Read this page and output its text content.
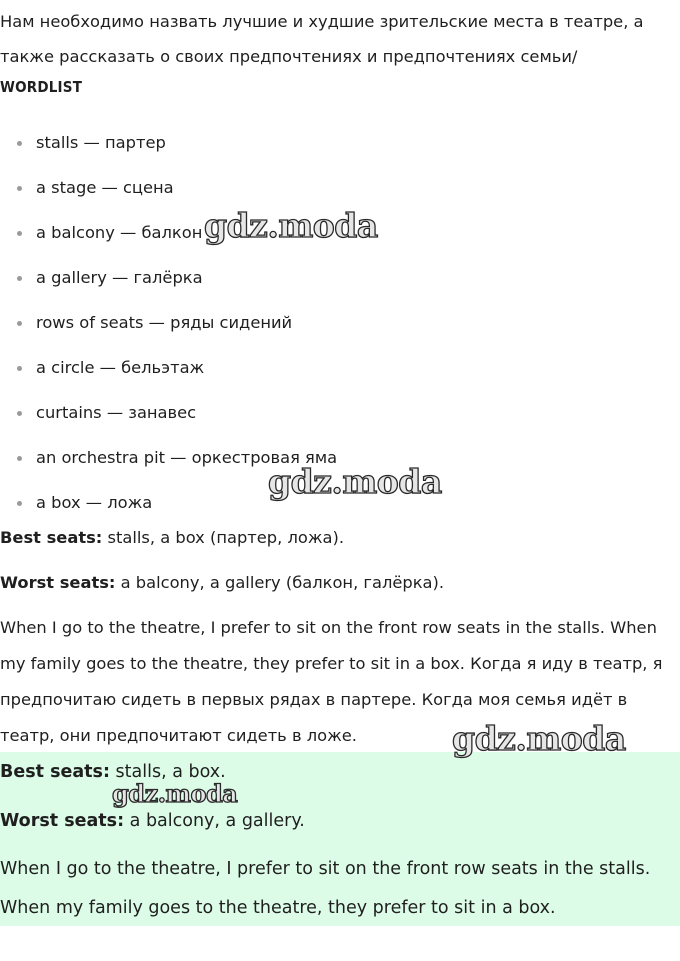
Нам необходимо назвать лучшие и худшие зрительские места в театре, а также рассказать о своих предпочтениях и предпочтениях семьи/

WORDLIST

stalls — партер
a stage — сцена
a balcony — балкон
a gallery — галёрка
rows of seats — ряды сидений
a circle — бельэтаж
curtains — занавес
an orchestra pit — оркестровая яма
a box — ложа

Best seats: stalls, a box (партер, ложа).

Worst seats: a balcony, a gallery (балкон, галёрка).

When I go to the theatre, I prefer to sit on the front row seats in the stalls. When my family goes to the theatre, they prefer to sit in a box. Когда я иду в театр, я предпочитаю сидеть в первых рядах в партере. Когда моя семья идёт в театр, они предпочитают сидеть в ложе.

Best seats: stalls, a box.

Worst seats: a balcony, a gallery.

When I go to the theatre, I prefer to sit on the front row seats in the stalls.

When my family goes to the theatre, they prefer to sit in a box.

gdz.moda
gdz.moda
gdz.moda
gdz.moda
